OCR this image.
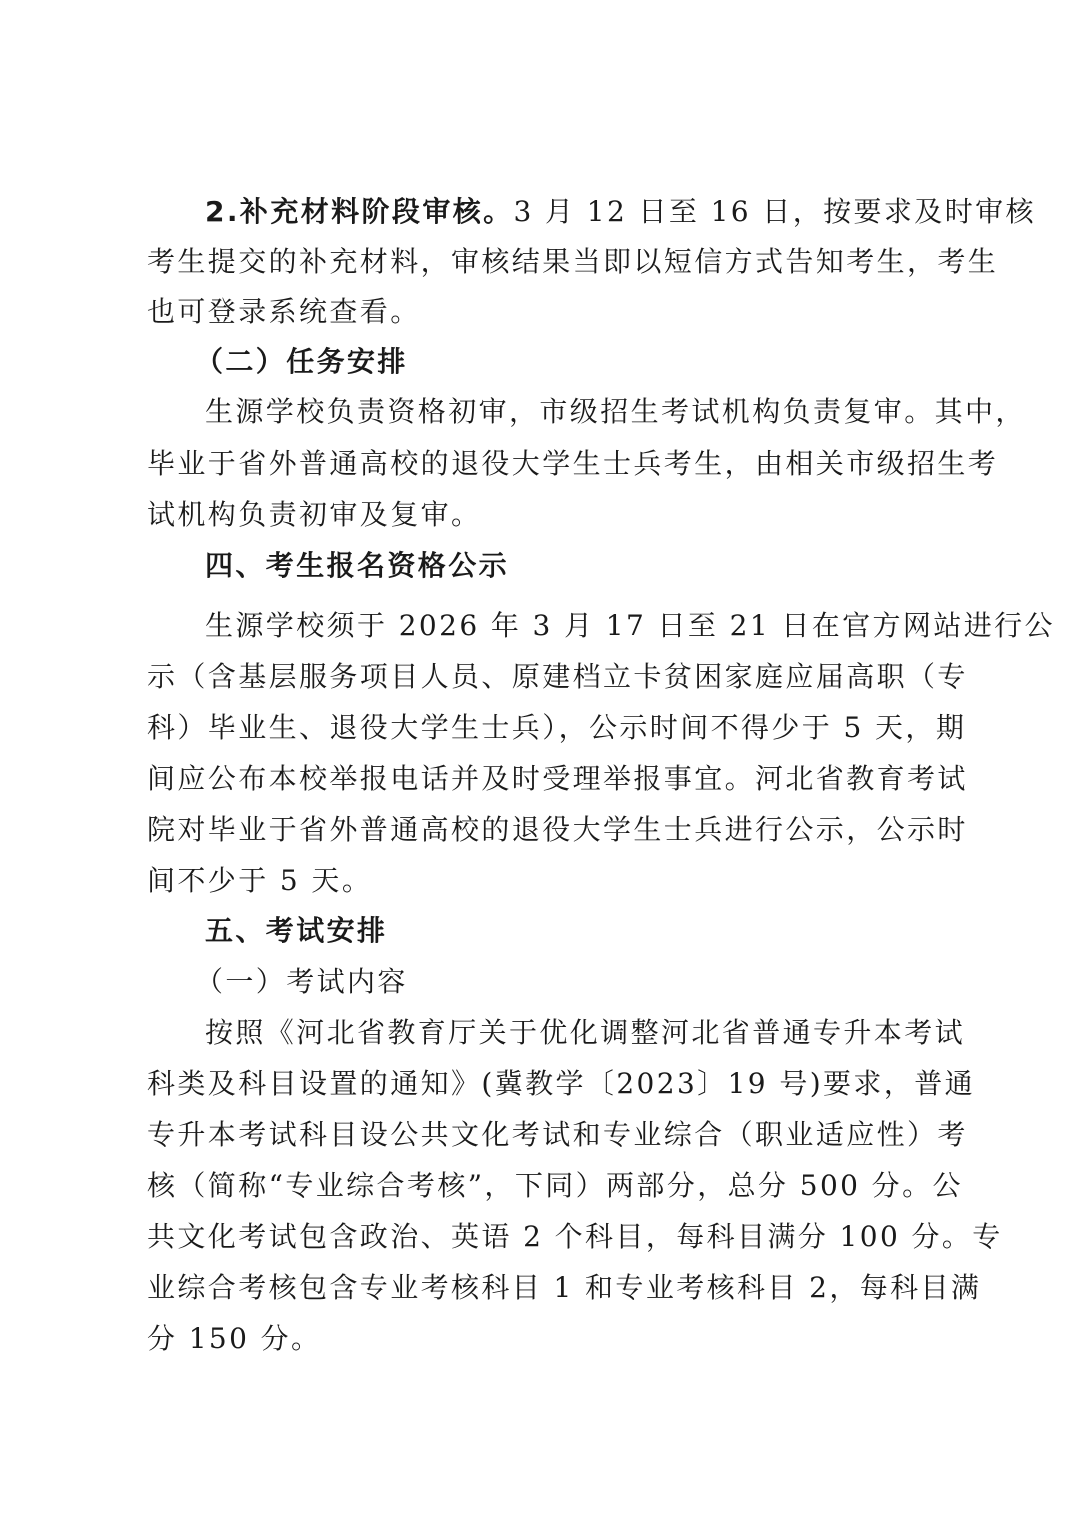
2.补充材料阶段审核。3 月 12 日至 16 日，按要求及时审核
考生提交的补充材料，审核结果当即以短信方式告知考生，考生
也可登录系统查看。
（二）任务安排
生源学校负责资格初审，市级招生考试机构负责复审。其中，
毕业于省外普通高校的退役大学生士兵考生，由相关市级招生考
试机构负责初审及复审。
四、考生报名资格公示
生源学校须于 2026 年 3 月 17 日至 21 日在官方网站进行公
示（含基层服务项目人员、原建档立卡贫困家庭应届高职（专
科）毕业生、退役大学生士兵），公示时间不得少于 5 天，期
间应公布本校举报电话并及时受理举报事宜。河北省教育考试
院对毕业于省外普通高校的退役大学生士兵进行公示，公示时
间不少于 5 天。
五、考试安排
（一）考试内容
按照《河北省教育厅关于优化调整河北省普通专升本考试
科类及科目设置的通知》(冀教学〔2023〕19 号)要求，普通
专升本考试科目设公共文化考试和专业综合（职业适应性）考
核（简称“专业综合考核”，下同）两部分，总分 500 分。公
共文化考试包含政治、英语 2 个科目，每科目满分 100 分。专
业综合考核包含专业考核科目 1 和专业考核科目 2，每科目满
分 150 分。
